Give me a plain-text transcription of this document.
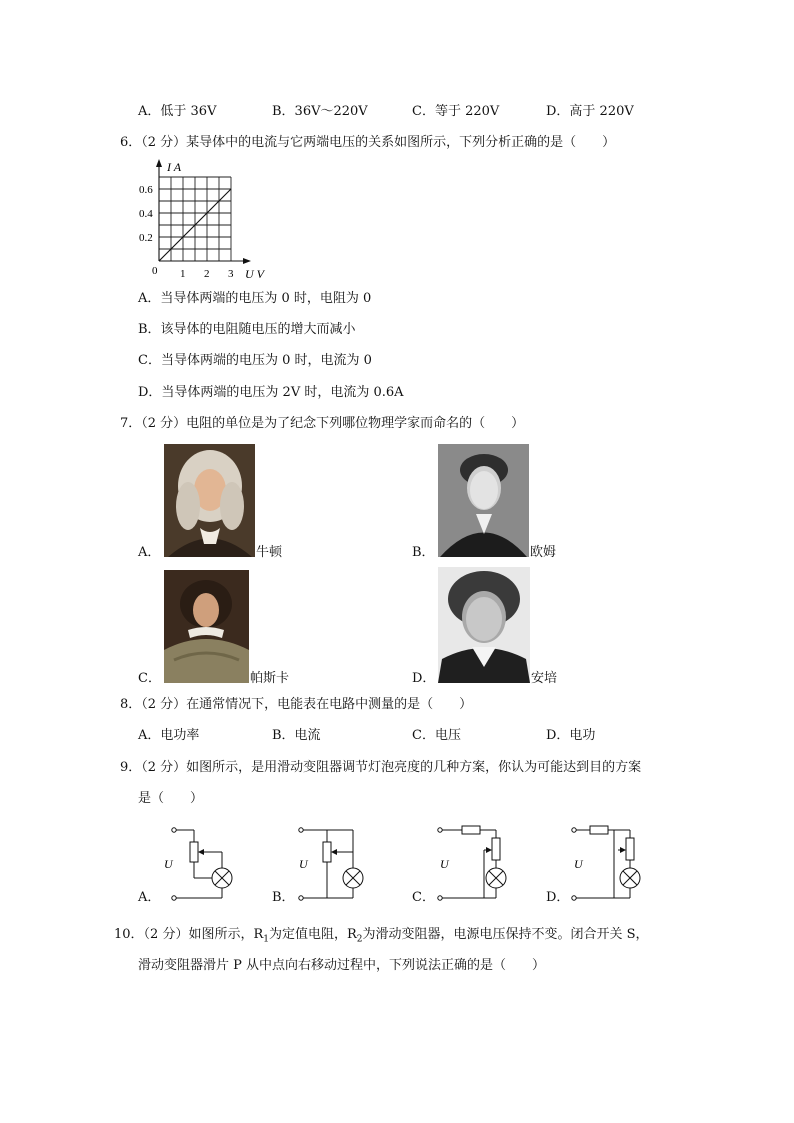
A．低于 36V	B．36V～220V	C．等于 220V	D．高于 220V
6．（2 分）某导体中的电流与它两端电压的关系如图所示，下列分析正确的是（　　）
I A
0.6
0.4
0.2
0 1 2 3 U V
A．当导体两端的电压为 0 时，电阻为 0
B．该导体的电阻随电压的增大而减小
C．当导体两端的电压为 0 时，电流为 0
D．当导体两端的电压为 2V 时，电流为 0.6A
7．（2 分）电阻的单位是为了纪念下列哪位物理学家而命名的（　　）
A．	牛顿	B．	欧姆
C．	帕斯卡	D．	安培
8．（2 分）在通常情况下，电能表在电路中测量的是（　　）
A．电功率	B．电流	C．电压	D．电功
9．（2 分）如图所示，是用滑动变阻器调节灯泡亮度的几种方案，你认为可能达到目的方案
是（　　）
A．
U
B．
U
C．
U
D．
U
10．（2 分）如图所示，$R_1$为定值电阻，$R_2$为滑动变阻器，电源电压保持不变。闭合开关 S，
滑动变阻器滑片 P 从中点向右移动过程中，下列说法正确的是（　　）
